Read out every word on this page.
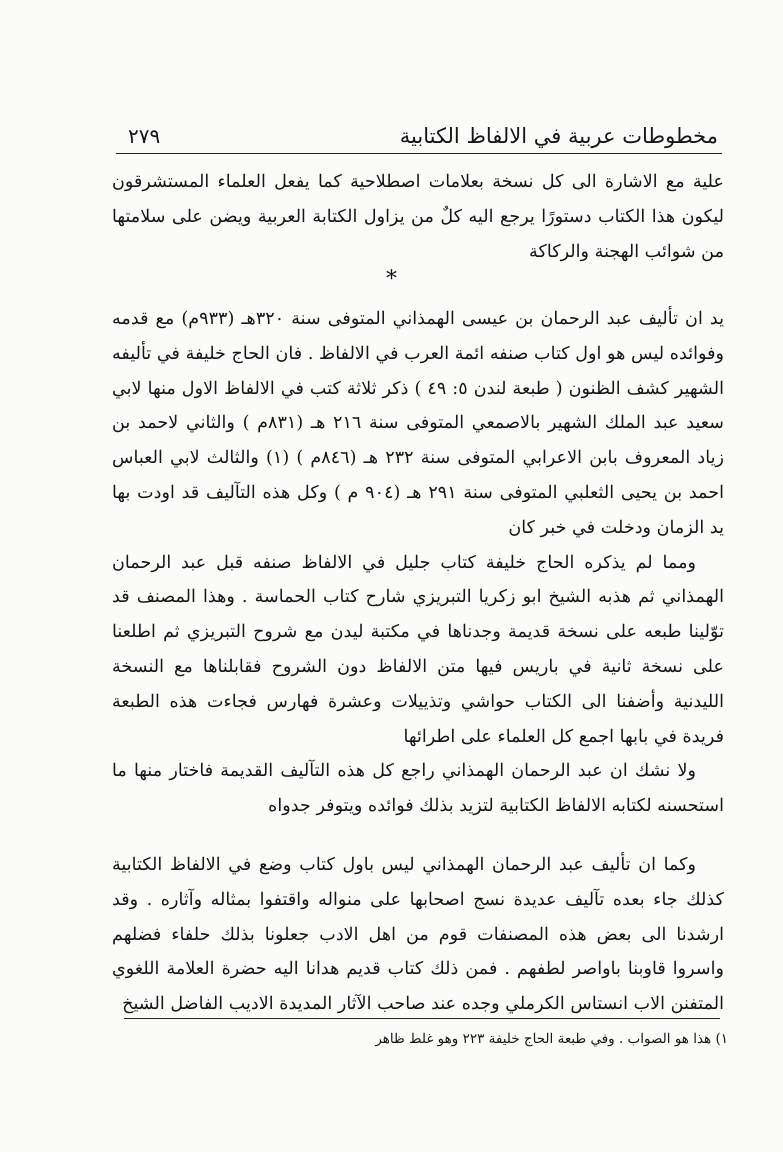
مخطوطات عربية في الالفاظ الكتابية
٢٧٩

علية مع الاشارة الى كل نسخة بعلامات اصطلاحية كما يفعل العلماء المستشرقون ليكون هذا الكتاب دستورًا يرجع اليه كلٌ من يزاول الكتابة العربية ويضن على سلامتها من شوائب الهجنة والركاكة

*

يد ان تأليف عبد الرحمان بن عيسى الهمذاني المتوفى سنة ٣٢٠هـ (٩٣٣م) مع قدمه وفوائده ليس هو اول كتاب صنفه ائمة العرب في الالفاظ . فان الحاج خليفة في تأليفه الشهير كشف الظنون ( طبعة لندن ٥: ٤٩ ) ذكر ثلاثة كتب في الالفاظ الاول منها لابي سعيد عبد الملك الشهير بالاصمعي المتوفى سنة ٢١٦ هـ (٨٣١م ) والثاني لاحمد بن زياد المعروف بابن الاعرابي المتوفى سنة ٢٣٢ هـ (٨٤٦م ) (١) والثالث لابي العباس احمد بن يحيى الثعلبي المتوفى سنة ٢٩١ هـ (٩٠٤ م ) وكل هذه التآليف قد اودت بها يد الزمان ودخلت في خبر كان

ومما لم يذكره الحاج خليفة كتاب جليل في الالفاظ صنفه قبل عبد الرحمان الهمذاني ثم هذبه الشيخ ابو زكريا التبريزي شارح كتاب الحماسة . وهذا المصنف قد توّلينا طبعه على نسخة قديمة وجدناها في مكتبة ليدن مع شروح التبريزي ثم اطلعنا على نسخة ثانية في باريس فيها متن الالفاظ دون الشروح فقابلناها مع النسخة الليدنية وأضفنا الى الكتاب حواشي وتذييلات وعشرة فهارس فجاءت هذه الطبعة فريدة في بابها اجمع كل العلماء على اطرائها

ولا نشك ان عبد الرحمان الهمذاني راجع كل هذه التآليف القديمة فاختار منها ما استحسنه لكتابه الالفاظ الكتابية لتزيد بذلك فوائده ويتوفر جدواه

وكما ان تأليف عبد الرحمان الهمذاني ليس باول كتاب وضع في الالفاظ الكتابية كذلك جاء بعده تآليف عديدة نسج اصحابها على منواله واقتفوا بمثاله وآثاره . وقد ارشدنا الى بعض هذه المصنفات قوم من اهل الادب جعلونا بذلك حلفاء فضلهم واسروا قاوبنا باواصر لطفهم . فمن ذلك كتاب قديم هدانا اليه حضرة العلامة اللغوي المتفنن الاب انستاس الكرملي وجده عند صاحب الآثار المديدة الاديب الفاضل الشيخ

١) هذا هو الصواب . وفي طبعة الحاج خليفة ٢٢٣ وهو غلط ظاهر
